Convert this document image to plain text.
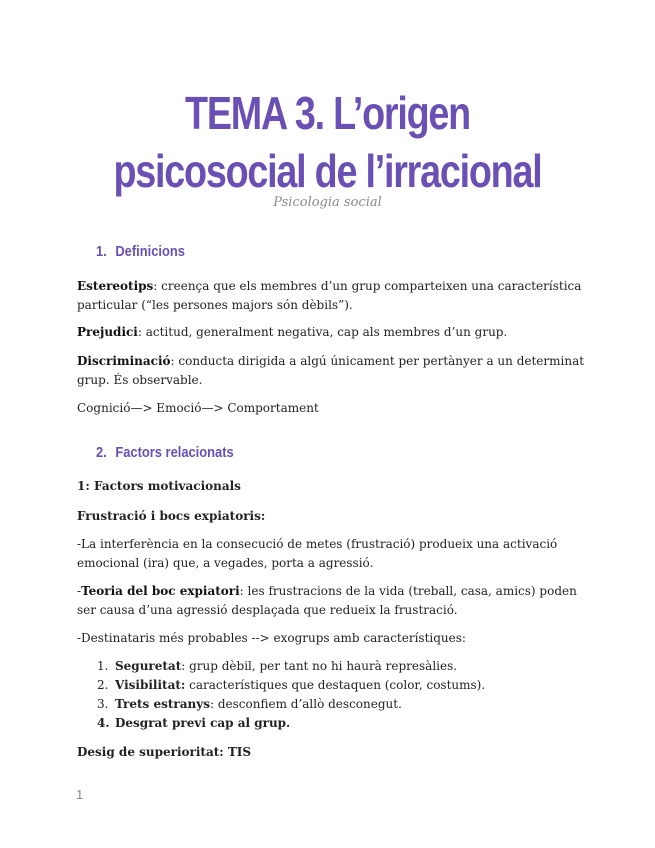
TEMA 3. L’origen
psicosocial de l’irracional
Psicologia social
1. Definicions
Estereotips: creença que els membres d’un grup comparteixen una característica particular (“les persones majors són dèbils”).
Prejudici: actitud, generalment negativa, cap als membres d’un grup.
Discriminació: conducta dirigida a algú únicament per pertànyer a un determinat grup. És observable.
Cognició—> Emoció—> Comportament
2. Factors relacionats
1: Factors motivacionals
Frustració i bocs expiatoris:
-La interferència en la consecució de metes (frustració) produeix una activació emocional (ira) que, a vegades, porta a agressió.
-Teoria del boc expiatori: les frustracions de la vida (treball, casa, amics) poden ser causa d’una agressió desplaçada que redueix la frustració.
-Destinataris més probables --> exogrups amb característiques:
1. Seguretat: grup dèbil, per tant no hi haurà represàlies.
2. Visibilitat: característiques que destaquen (color, costums).
3. Trets estranys: desconfiem d’allò desconegut.
4. Desgrat previ cap al grup.
Desig de superioritat: TIS
1
